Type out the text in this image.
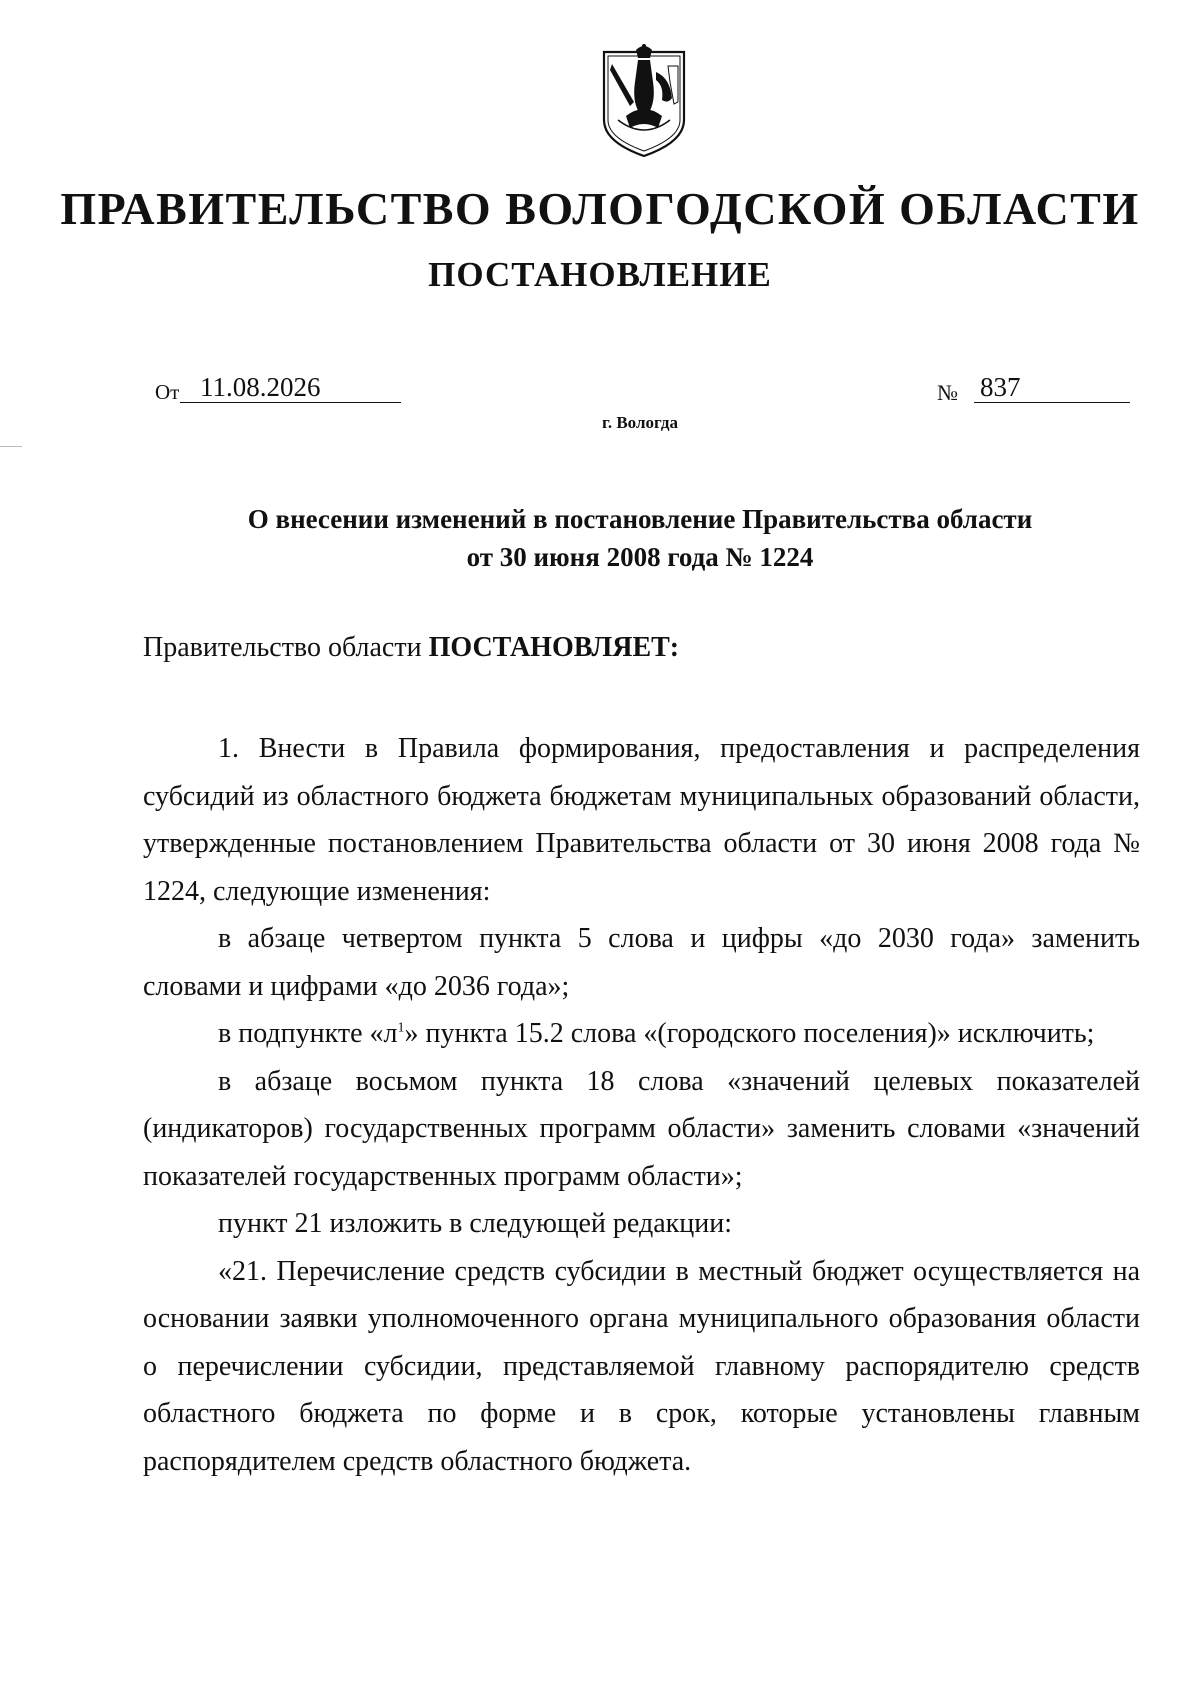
ПРАВИТЕЛЬСТВО ВОЛОГОДСКОЙ ОБЛАСТИ
ПОСТАНОВЛЕНИЕ
От 11.08.2026	№ 837
г. Вологда
О внесении изменений в постановление Правительства области
от 30 июня 2008 года № 1224
Правительство области ПОСТАНОВЛЯЕТ:

1. Внести в Правила формирования, предоставления и распределения субсидий из областного бюджета бюджетам муниципальных образований области, утвержденные постановлением Правительства области от 30 июня 2008 года № 1224, следующие изменения:

в абзаце четвертом пункта 5 слова и цифры «до 2030 года» заменить словами и цифрами «до 2036 года»;

в подпункте «$л^1$» пункта 15.2 слова «(городского поселения)» исключить;

в абзаце восьмом пункта 18 слова «значений целевых показателей (индикаторов) государственных программ области» заменить словами «значений показателей государственных программ области»;

пункт 21 изложить в следующей редакции:

«21. Перечисление средств субсидии в местный бюджет осуществляется на основании заявки уполномоченного органа муниципального образования области о перечислении субсидии, представляемой главному распорядителю средств областного бюджета по форме и в срок, которые установлены главным распорядителем средств областного бюджета.
